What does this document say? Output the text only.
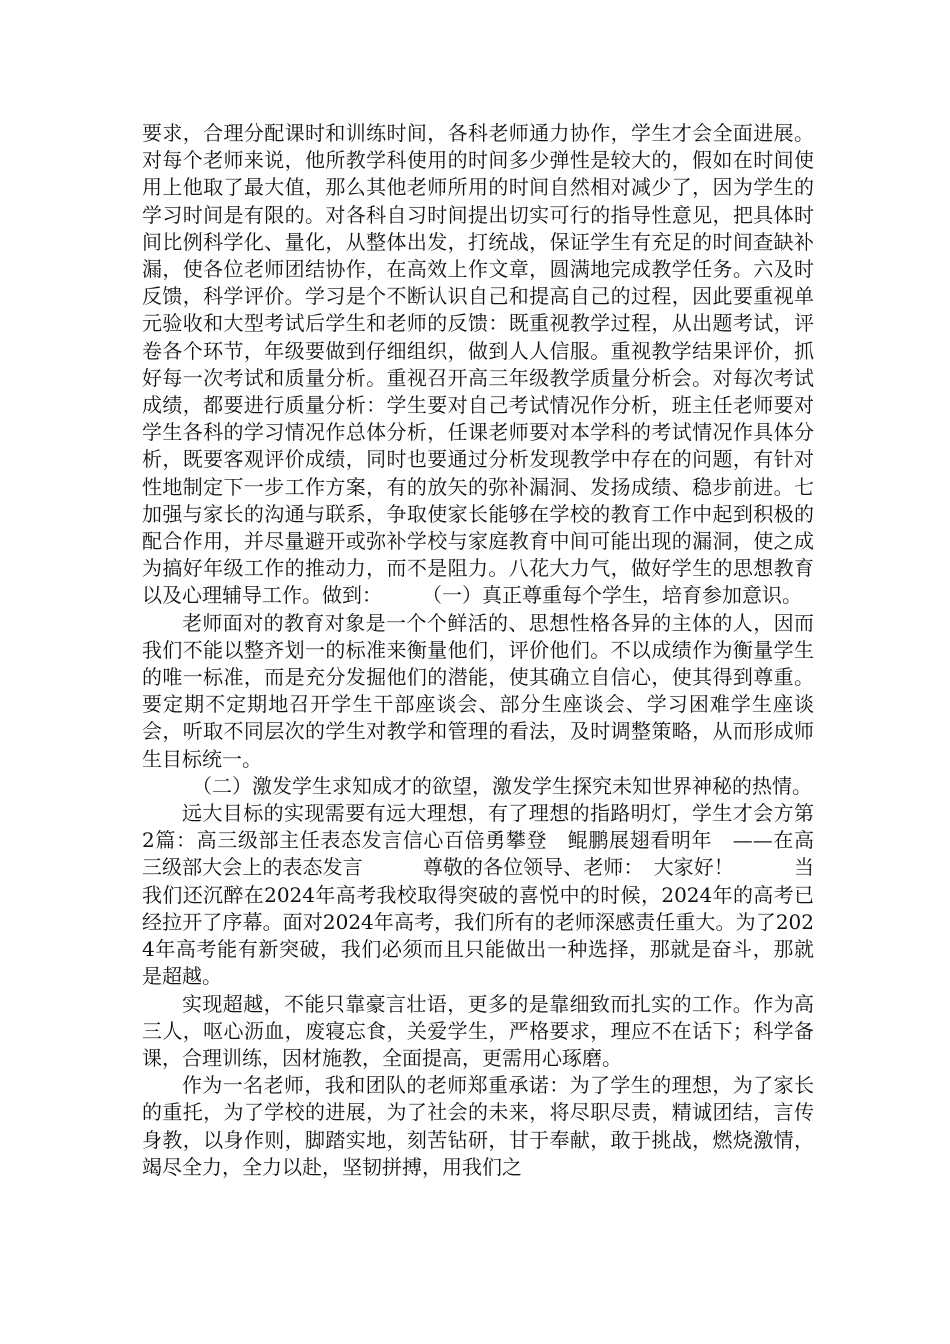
要求，合理分配课时和训练时间，各科老师通力协作，学生才会全面进展。对每个老师来说，他所教学科使用的时间多少弹性是较大的，假如在时间使用上他取了最大值，那么其他老师所用的时间自然相对减少了，因为学生的学习时间是有限的。对各科自习时间提出切实可行的指导性意见，把具体时间比例科学化、量化，从整体出发，打统战，保证学生有充足的时间查缺补漏，使各位老师团结协作，在高效上作文章，圆满地完成教学任务。六及时反馈，科学评价。学习是个不断认识自己和提高自己的过程，因此要重视单元验收和大型考试后学生和老师的反馈：既重视教学过程，从出题考试，评卷各个环节，年级要做到仔细组织，做到人人信服。重视教学结果评价，抓好每一次考试和质量分析。重视召开高三年级教学质量分析会。对每次考试成绩，都要进行质量分析：学生要对自己考试情况作分析，班主任老师要对学生各科的学习情况作总体分析，任课老师要对本学科的考试情况作具体分析，既要客观评价成绩，同时也要通过分析发现教学中存在的问题，有针对性地制定下一步工作方案，有的放矢的弥补漏洞、发扬成绩、稳步前进。七加强与家长的沟通与联系，争取使家长能够在学校的教育工作中起到积极的配合作用，并尽量避开或弥补学校与家庭教育中间可能出现的漏洞，使之成为搞好年级工作的推动力，而不是阻力。八花大力气，做好学生的思想教育以及心理辅导工作。做到：　　　（一）真正尊重每个学生，培育参加意识。

老师面对的教育对象是一个个鲜活的、思想性格各异的主体的人，因而我们不能以整齐划一的标准来衡量他们，评价他们。不以成绩作为衡量学生的唯一标准，而是充分发掘他们的潜能，使其确立自信心，使其得到尊重。要定期不定期地召开学生干部座谈会、部分生座谈会、学习困难学生座谈会，听取不同层次的学生对教学和管理的看法，及时调整策略，从而形成师生目标统一。

　（二）激发学生求知成才的欲望，激发学生探究未知世界神秘的热情。

远大目标的实现需要有远大理想，有了理想的指路明灯，学生才会方第2篇：高三级部主任表态发言信心百倍勇攀登　鲲鹏展翅看明年　——在高三级部大会上的表态发言　　　尊敬的各位领导、老师：　大家好！　　　当我们还沉醉在2024年高考我校取得突破的喜悦中的时候，2024年的高考已经拉开了序幕。面对2024年高考，我们所有的老师深感责任重大。为了2024年高考能有新突破，我们必须而且只能做出一种选择，那就是奋斗，那就是超越。

实现超越，不能只靠豪言壮语，更多的是靠细致而扎实的工作。作为高三人，呕心沥血，废寝忘食，关爱学生，严格要求，理应不在话下；科学备课，合理训练，因材施教，全面提高，更需用心琢磨。

作为一名老师，我和团队的老师郑重承诺：为了学生的理想，为了家长的重托，为了学校的进展，为了社会的未来，将尽职尽责，精诚团结，言传身教，以身作则，脚踏实地，刻苦钻研，甘于奉献，敢于挑战，燃烧激情，竭尽全力，全力以赴，坚韧拼搏，用我们之
